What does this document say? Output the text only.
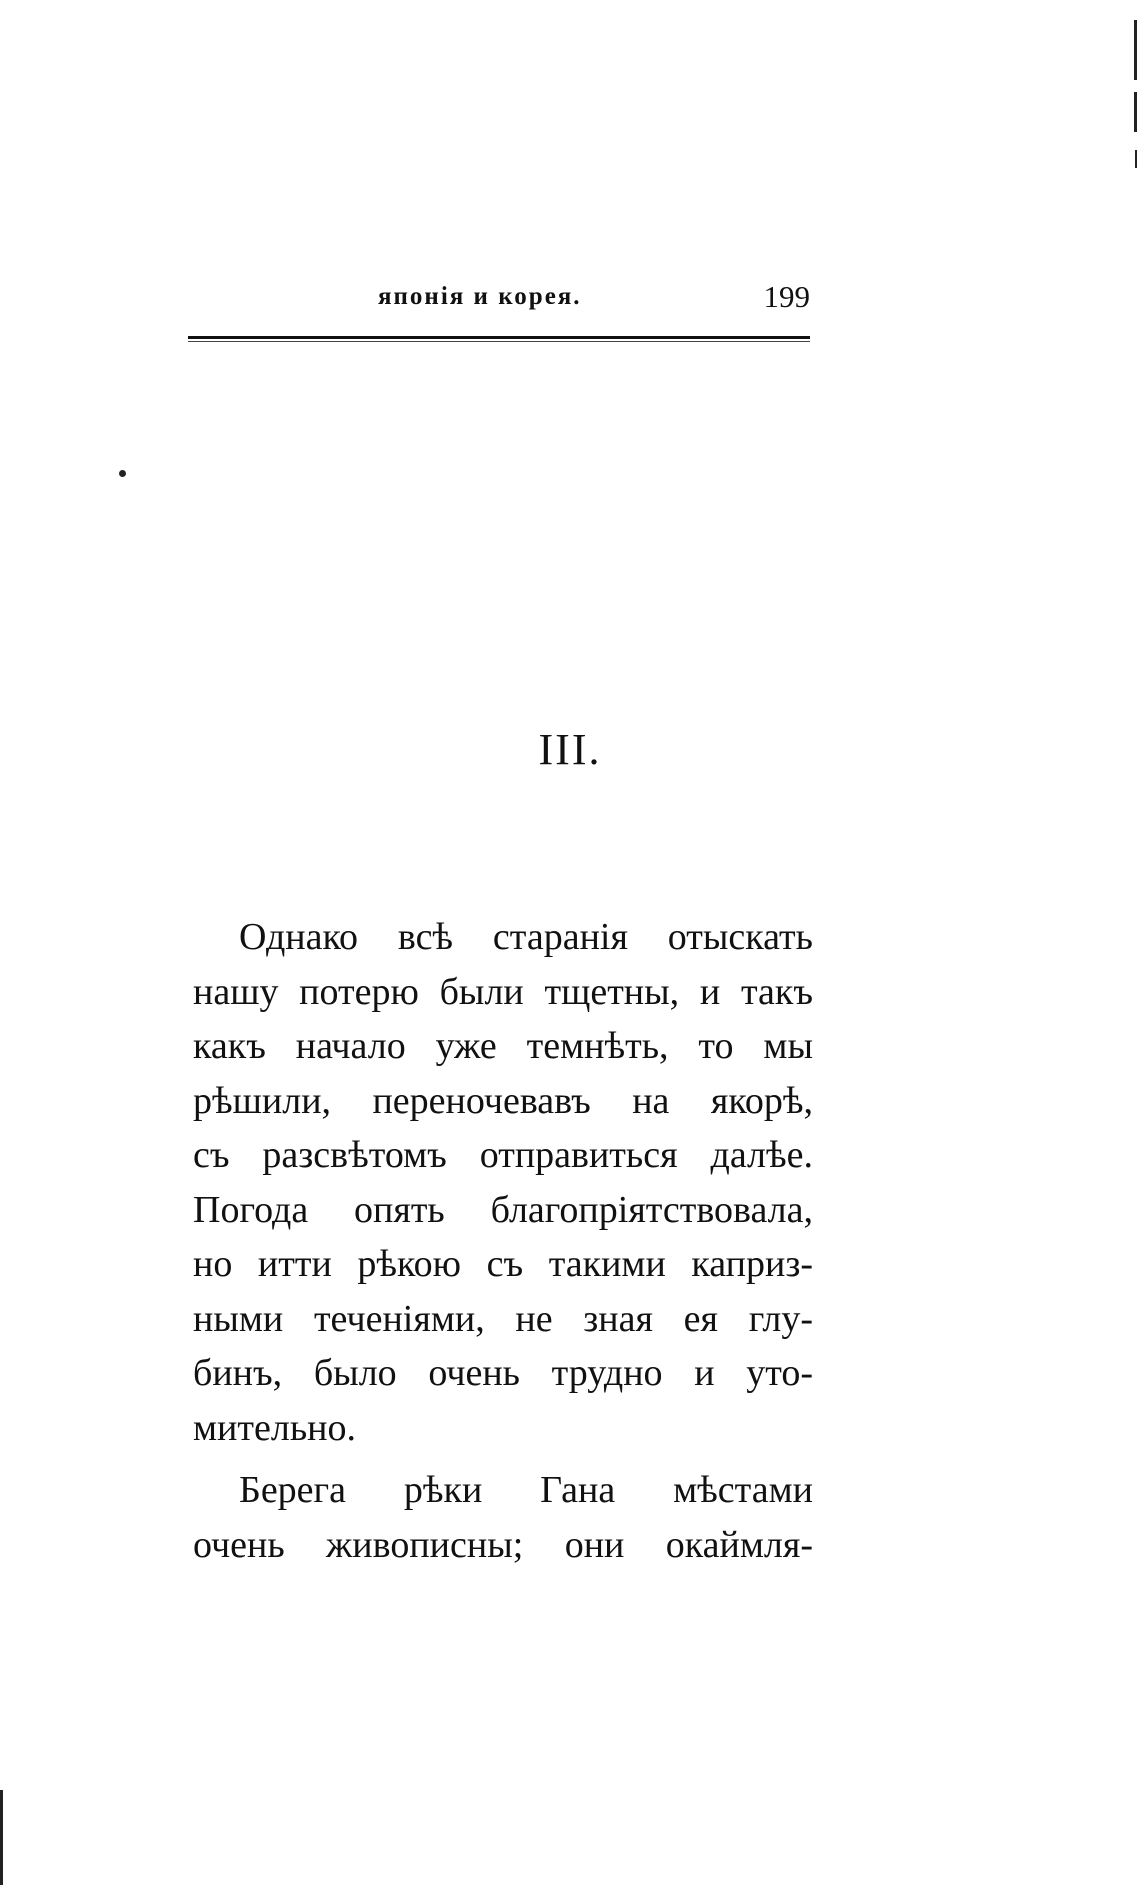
японія и корея.	199
III.
Однако всѣ старанія отыскать
нашу потерю были тщетны, и такъ
какъ начало уже темнѣть, то мы
рѣшили, переночевавъ на якорѣ,
съ разсвѣтомъ отправиться далѣе.
Погода опять благопріятствовала,
но итти рѣкою съ такими каприз-
ными теченіями, не зная ея глу-
бинъ, было очень трудно и уто-
мительно.
Берега рѣки Гана мѣстами
очень живописны; они окаймля-
